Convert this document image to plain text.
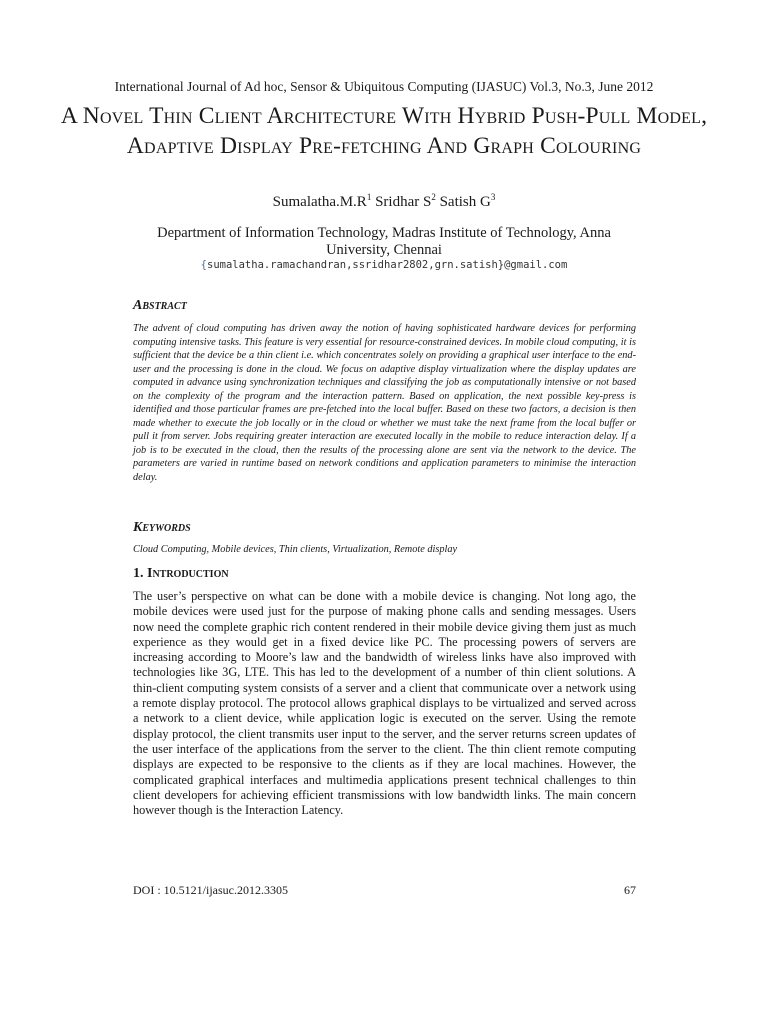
International Journal of Ad hoc, Sensor & Ubiquitous Computing (IJASUC) Vol.3, No.3, June 2012
A Novel Thin Client Architecture With Hybrid Push-Pull Model, Adaptive Display Pre-fetching And Graph Colouring
$Sumalatha.M.R^1$ Sridhar $S^2$ Satish $G^3$
Department of Information Technology, Madras Institute of Technology, Anna University, Chennai
{sumalatha.ramachandran,ssridhar2802,grn.satish}@gmail.com
Abstract

The advent of cloud computing has driven away the notion of having sophisticated hardware devices for performing computing intensive tasks. This feature is very essential for resource-constrained devices. In mobile cloud computing, it is sufficient that the device be a thin client i.e. which concentrates solely on providing a graphical user interface to the end-user and the processing is done in the cloud. We focus on adaptive display virtualization where the display updates are computed in advance using synchronization techniques and classifying the job as computationally intensive or not based on the complexity of the program and the interaction pattern. Based on application, the next possible key-press is identified and those particular frames are pre-fetched into the local buffer. Based on these two factors, a decision is then made whether to execute the job locally or in the cloud or whether we must take the next frame from the local buffer or pull it from server. Jobs requiring greater interaction are executed locally in the mobile to reduce interaction delay. If a job is to be executed in the cloud, then the results of the processing alone are sent via the network to the device. The parameters are varied in runtime based on network conditions and application parameters to minimise the interaction delay.

Keywords

Cloud Computing, Mobile devices, Thin clients, Virtualization, Remote display

1. Introduction

The user’s perspective on what can be done with a mobile device is changing. Not long ago, the mobile devices were used just for the purpose of making phone calls and sending messages. Users now need the complete graphic rich content rendered in their mobile device giving them just as much experience as they would get in a fixed device like PC. The processing powers of servers are increasing according to Moore’s law and the bandwidth of wireless links have also improved with technologies like 3G, LTE. This has led to the development of a number of thin client solutions. A thin-client computing system consists of a server and a client that communicate over a network using a remote display protocol. The protocol allows graphical displays to be virtualized and served across a network to a client device, while application logic is executed on the server. Using the remote display protocol, the client transmits user input to the server, and the server returns screen updates of the user interface of the applications from the server to the client. The thin client remote computing displays are expected to be responsive to the clients as if they are local machines. However, the complicated graphical interfaces and multimedia applications present technical challenges to thin client developers for achieving efficient transmissions with low bandwidth links. The main concern however though is the Interaction Latency.

DOI : 10.5121/ijasuc.2012.3305	67
